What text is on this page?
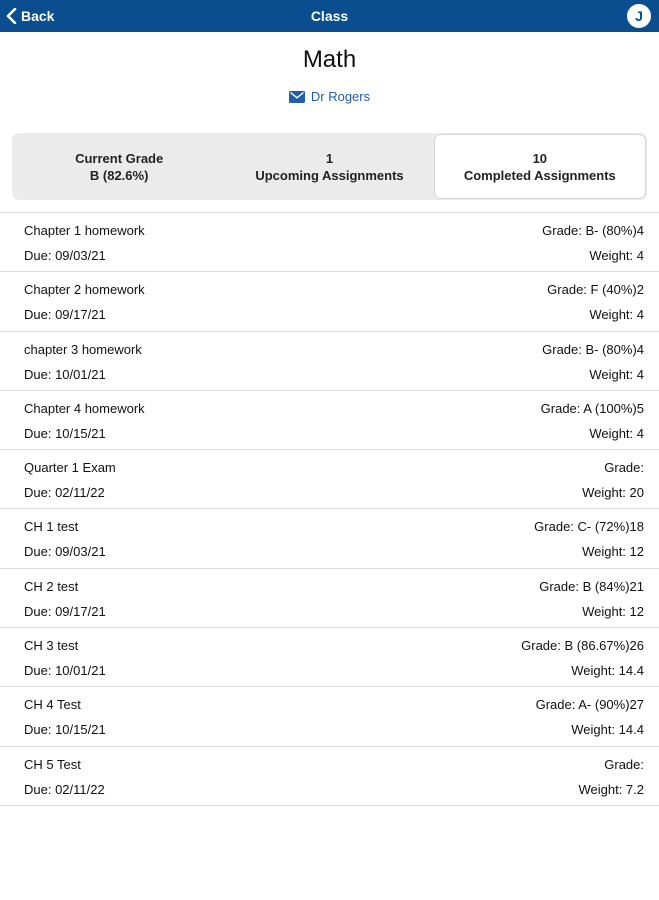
Back	Class	J
Math
Dr Rogers
Current Grade
B (82.6%)
1
Upcoming Assignments
10
Completed Assignments
Chapter 1 homework
Due: 09/03/21
Grade: B- (80%)4
Weight: 4
Chapter 2 homework
Due: 09/17/21
Grade: F (40%)2
Weight: 4
chapter 3 homework
Due: 10/01/21
Grade: B- (80%)4
Weight: 4
Chapter 4 homework
Due: 10/15/21
Grade: A (100%)5
Weight: 4
Quarter 1 Exam
Due: 02/11/22
Grade:
Weight: 20
CH 1 test
Due: 09/03/21
Grade: C- (72%)18
Weight: 12
CH 2 test
Due: 09/17/21
Grade: B (84%)21
Weight: 12
CH 3 test
Due: 10/01/21
Grade: B (86.67%)26
Weight: 14.4
CH 4 Test
Due: 10/15/21
Grade: A- (90%)27
Weight: 14.4
CH 5 Test
Due: 02/11/22
Grade:
Weight: 7.2
